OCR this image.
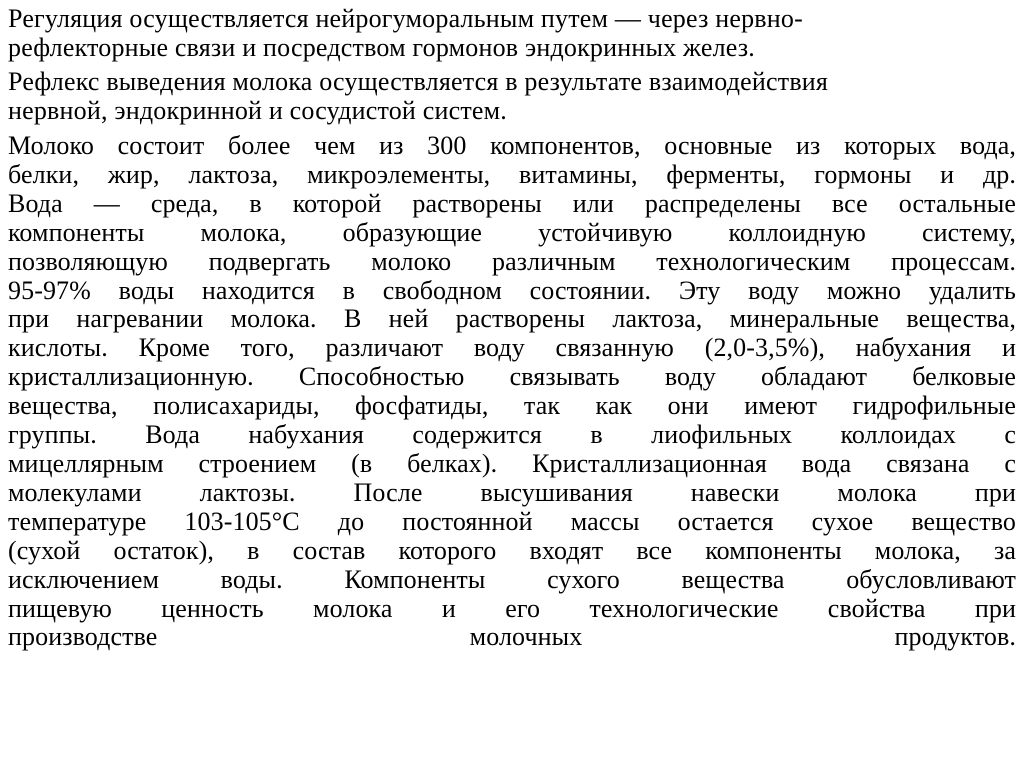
Регуляция осуществляется нейрогуморальным путем — через нервно-
рефлекторные связи и посредством гормонов эндокринных желез.

Рефлекс выведения молока осуществляется в результате взаимодействия
нервной, эндокринной и сосудистой систем.

Молоко состоит более чем из 300 компонентов, основные из которых вода,
белки, жир, лактоза, микроэлементы, витамины, ферменты, гормоны и др.
Вода — среда, в которой растворены или распределены все остальные
компоненты молока, образующие устойчивую коллоидную систему,
позволяющую подвергать молоко различным технологическим процессам.
95-97% воды находится в свободном состоянии. Эту воду можно удалить
при нагревании молока. В ней растворены лактоза, минеральные вещества,
кислоты. Кроме того, различают воду связанную (2,0-3,5%), набухания и
кристаллизационную. Способностью связывать воду обладают белковые
вещества, полисахариды, фосфатиды, так как они имеют гидрофильные
группы. Вода набухания содержится в лиофильных коллоидах с
мицеллярным строением (в белках). Кристаллизационная вода связана с
молекулами лактозы. После высушивания навески молока при
температуре 103-105°С до постоянной массы остается сухое вещество
(сухой остаток), в состав которого входят все компоненты молока, за
исключением воды. Компоненты сухого вещества обусловливают
пищевую ценность молока и его технологические свойства при
производстве молочных продуктов.
